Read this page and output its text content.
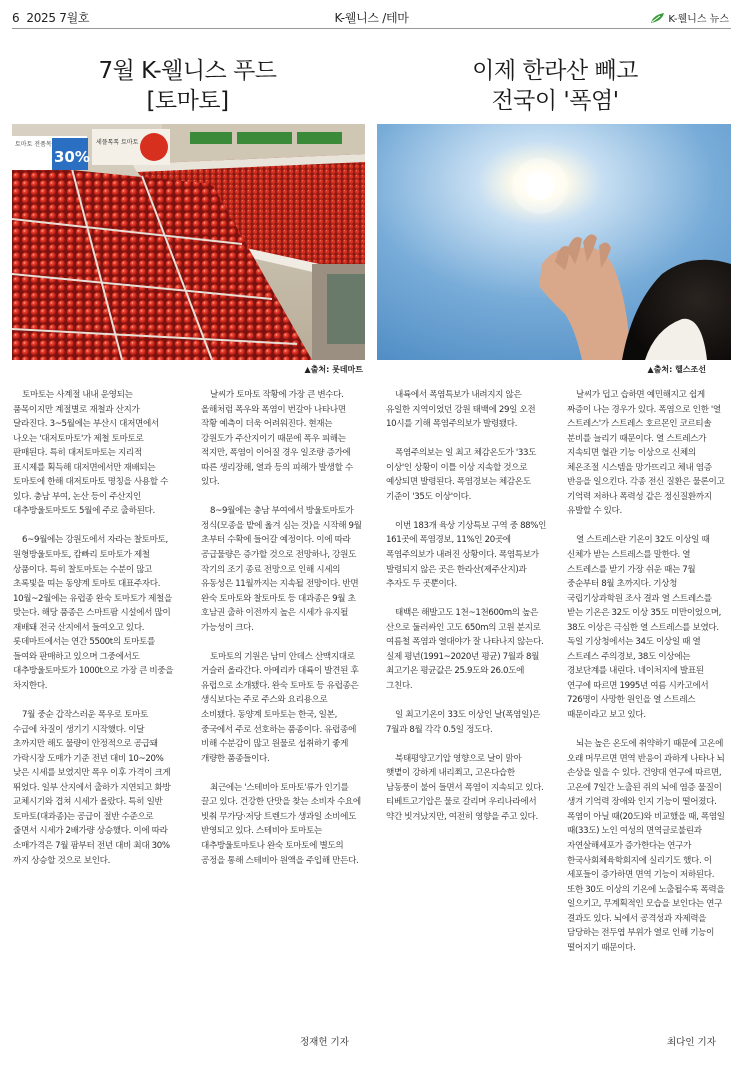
6 2025 7월호	K-웰니스 /테마	K-웰니스 뉴스
7월 K-웰니스 푸드
[토마토]
토마토 전품목
30%
세플톡톡 토마토
▲출처: 롯데마트

토마토는 사계절 내내 운영되는 품목이지만 계절별로 재철과 산지가 달라진다. 3~5월에는 부산시 대저면에서 나오는 '대저토마토'가 제철 토마토로 판매된다. 특히 대저토마토는 지리적 표시제를 획득해 대저면에서만 재배되는 토마토에 한해 대저토마토 명칭을 사용할 수 있다. 충남 부여, 논산 등이 주산지인 대추방울토마토도 5월에 주로 출하된다.

6~9월에는 강원도에서 자라는 찰토마토, 원형방울토마토, 캄빠리 토마토가 제철 상품이다. 특히 찰토마토는 수분이 많고 초록빛을 띠는 동양계 토마토 대표주자다. 10월~2월에는 유럽종 완숙 토마토가 제철을 맞는다. 해당 품종은 스마트팜 시설에서 많이 재배돼 전국 산지에서 들여오고 있다. 롯데마트에서는 연간 5500t의 토마토를 들여와 판매하고 있으며 그중에서도 대추방울토마토가 1000t으로 가장 큰 비중을 차지한다.

7월 중순 갑작스러운 폭우로 토마토 수급에 차질이 생기기 시작했다. 이달 초까지만 해도 물량이 안정적으로 공급돼 가락시장 도매가 기준 전년 대비 10~20% 낮은 시세를 보였지만 폭우 이후 가격이 크게 뛰었다. 일부 산지에서 출하가 지연되고 화방 교체시기와 겹쳐 시세가 올랐다. 특히 일반 토마토(대과종)는 공급이 절반 수준으로 줄면서 시세가 2배가량 상승했다. 이에 따라 소매가격은 7월 팜부터 전년 대비 최대 30%까지 상승할 것으로 보인다.

날씨가 토마토 작황에 가장 큰 변수다. 올해처럼 폭우와 폭염이 번갈아 나타나면 작황 예측이 더욱 어려워진다. 현재는 강원도가 주산지이기 때문에 폭우 피해는 적지만, 폭염이 이어질 경우 일조량 증가에 따른 생리장해, 열과 등의 피해가 발생할 수 있다.

8~9월에는 충남 부여에서 방울토마토가 정식(모종을 밭에 옮겨 심는 것)을 시작해 9월 초부터 수확에 들어갈 예정이다. 이에 따라 공급물량은 증가할 것으로 전망하나, 강원도 작기의 조기 종료 전망으로 인해 시세의 유동성은 11월까지는 지속될 전망이다. 반면 완숙 토마토와 찰토마토 등 대과종은 9월 초 호남권 출하 이전까지 높은 시세가 유지될 가능성이 크다.

토마토의 기원은 남미 안데스 산맥지대로 거슬러 올라간다. 아메리카 대륙이 발견된 후 유럽으로 소개됐다. 완숙 토마토 등 유럽종은 생식보다는 주로 주스와 요리용으로 소비됐다. 동양계 토마토는 한국, 일본, 중국에서 주로 선호하는 품종이다. 유럽종에 비해 수분감이 많고 원물로 섭취하기 좋게 개량한 품종들이다.

최근에는 '스테비아 토마토'류가 인기를 끌고 있다. 건강한 단맛을 찾는 소비자 수요에 빗춰 무가당·저당 트렌드가 생과일 소비에도 반영되고 있다. 스테비아 토마토는 대추방울토마토나 완숙 토마토에 별도의 공정을 통해 스테비아 원액을 주입해 만든다.

정재헌 기자
이제 한라산 빼고
전국이 '폭염'
▲출처: 헬스조선

내륙에서 폭염특보가 내려지지 않은 유일한 지역이었던 강원 태백에 29일 오전 10시를 기해 폭염주의보가 발령됐다.

폭염주의보는 일 최고 체감온도가 '33도 이상'인 상황이 이틀 이상 지속할 것으로 예상되면 발령된다. 폭염경보는 체감온도 기준이 '35도 이상'이다.

이번 183개 육상 기상특보 구역 중 88%인 161곳에 폭염경보, 11%인 20곳에 폭염주의보가 내려진 상황이다. 폭염특보가 발령되지 않은 곳은 한라산(제주산지)과 추자도 두 곳뿐이다.

태백은 해발고도 1천~1천600m의 높은 산으로 둘러싸인 고도 650m의 고원 분지로 여름철 폭염과 열대야가 잘 나타나지 않는다. 실제 평년(1991~2020년 평균) 7월과 8월 최고기온 평균값은 25.9도와 26.0도에 그친다.

일 최고기온이 33도 이상인 날(폭염일)은 7월과 8월 각각 0.5일 정도다.

북태평양고기압 영향으로 날이 맑아 햇볕이 강하게 내리쬐고, 고온다습한 남동풍이 불어 들면서 폭염이 지속되고 있다. 티베트고기압은 물로 갈리며 우리나라에서 약간 빗겨났지만, 여전히 영향을 주고 있다.

날씨가 덥고 습하면 예민해지고 쉽게 짜증이 나는 경우가 있다. 폭염으로 인한 '열 스트레스'가 스트레스 호르몬인 코르티솔 분비를 늘리기 때문이다. 열 스트레스가 지속되면 혈관 기능 이상으로 신체의 체온조절 시스템을 망가뜨리고 체내 염증 반응을 일으킨다. 각종 전신 질환은 물론이고 기억력 저하나 폭력성 같은 정신질환까지 유발할 수 있다.

열 스트레스란 기온이 32도 이상일 때 신체가 받는 스트레스를 말한다. 열 스트레스를 받기 가장 쉬운 때는 7월 중순부터 8월 초까지다. 기상청 국립기상과학원 조사 결과 열 스트레스를 받는 기온은 32도 이상 35도 미만이었으며, 38도 이상은 극심한 열 스트레스를 보였다. 독일 기상청에서는 34도 이상일 때 열 스트레스 주의경보, 38도 이상에는 경보단계를 내린다. 네이처지에 발표된 연구에 따르면 1995년 여름 시카고에서 726명이 사망한 원인을 열 스트레스 때문이라고 보고 있다.

뇌는 높은 온도에 취약하기 때문에 고온에 오래 머무르면 면역 반응이 과하게 나타나 뇌 손상을 일을 수 있다. 건양대 연구에 따르면, 고온에 7일간 노출된 쥐의 뇌에 염증 물질이 생겨 기억력 장애와 인지 기능이 떨어졌다. 폭염이 아닐 때(20도)와 비교했을 때, 폭염일 때(33도) 노인 여성의 면역글로불린과 자연살해세포가 증가한다는 연구가 한국사회체육학회지에 실리기도 했다. 이 세포들이 증가하면 면역 기능이 저하된다. 또한 30도 이상의 기온에 노출될수록 폭력을 일으키고, 무계획적인 모습을 보인다는 연구 결과도 있다. 뇌에서 공격성과 자제력을 담당하는 전두엽 부위가 열로 인해 기능이 떨어지기 때문이다.

최다인 기자
